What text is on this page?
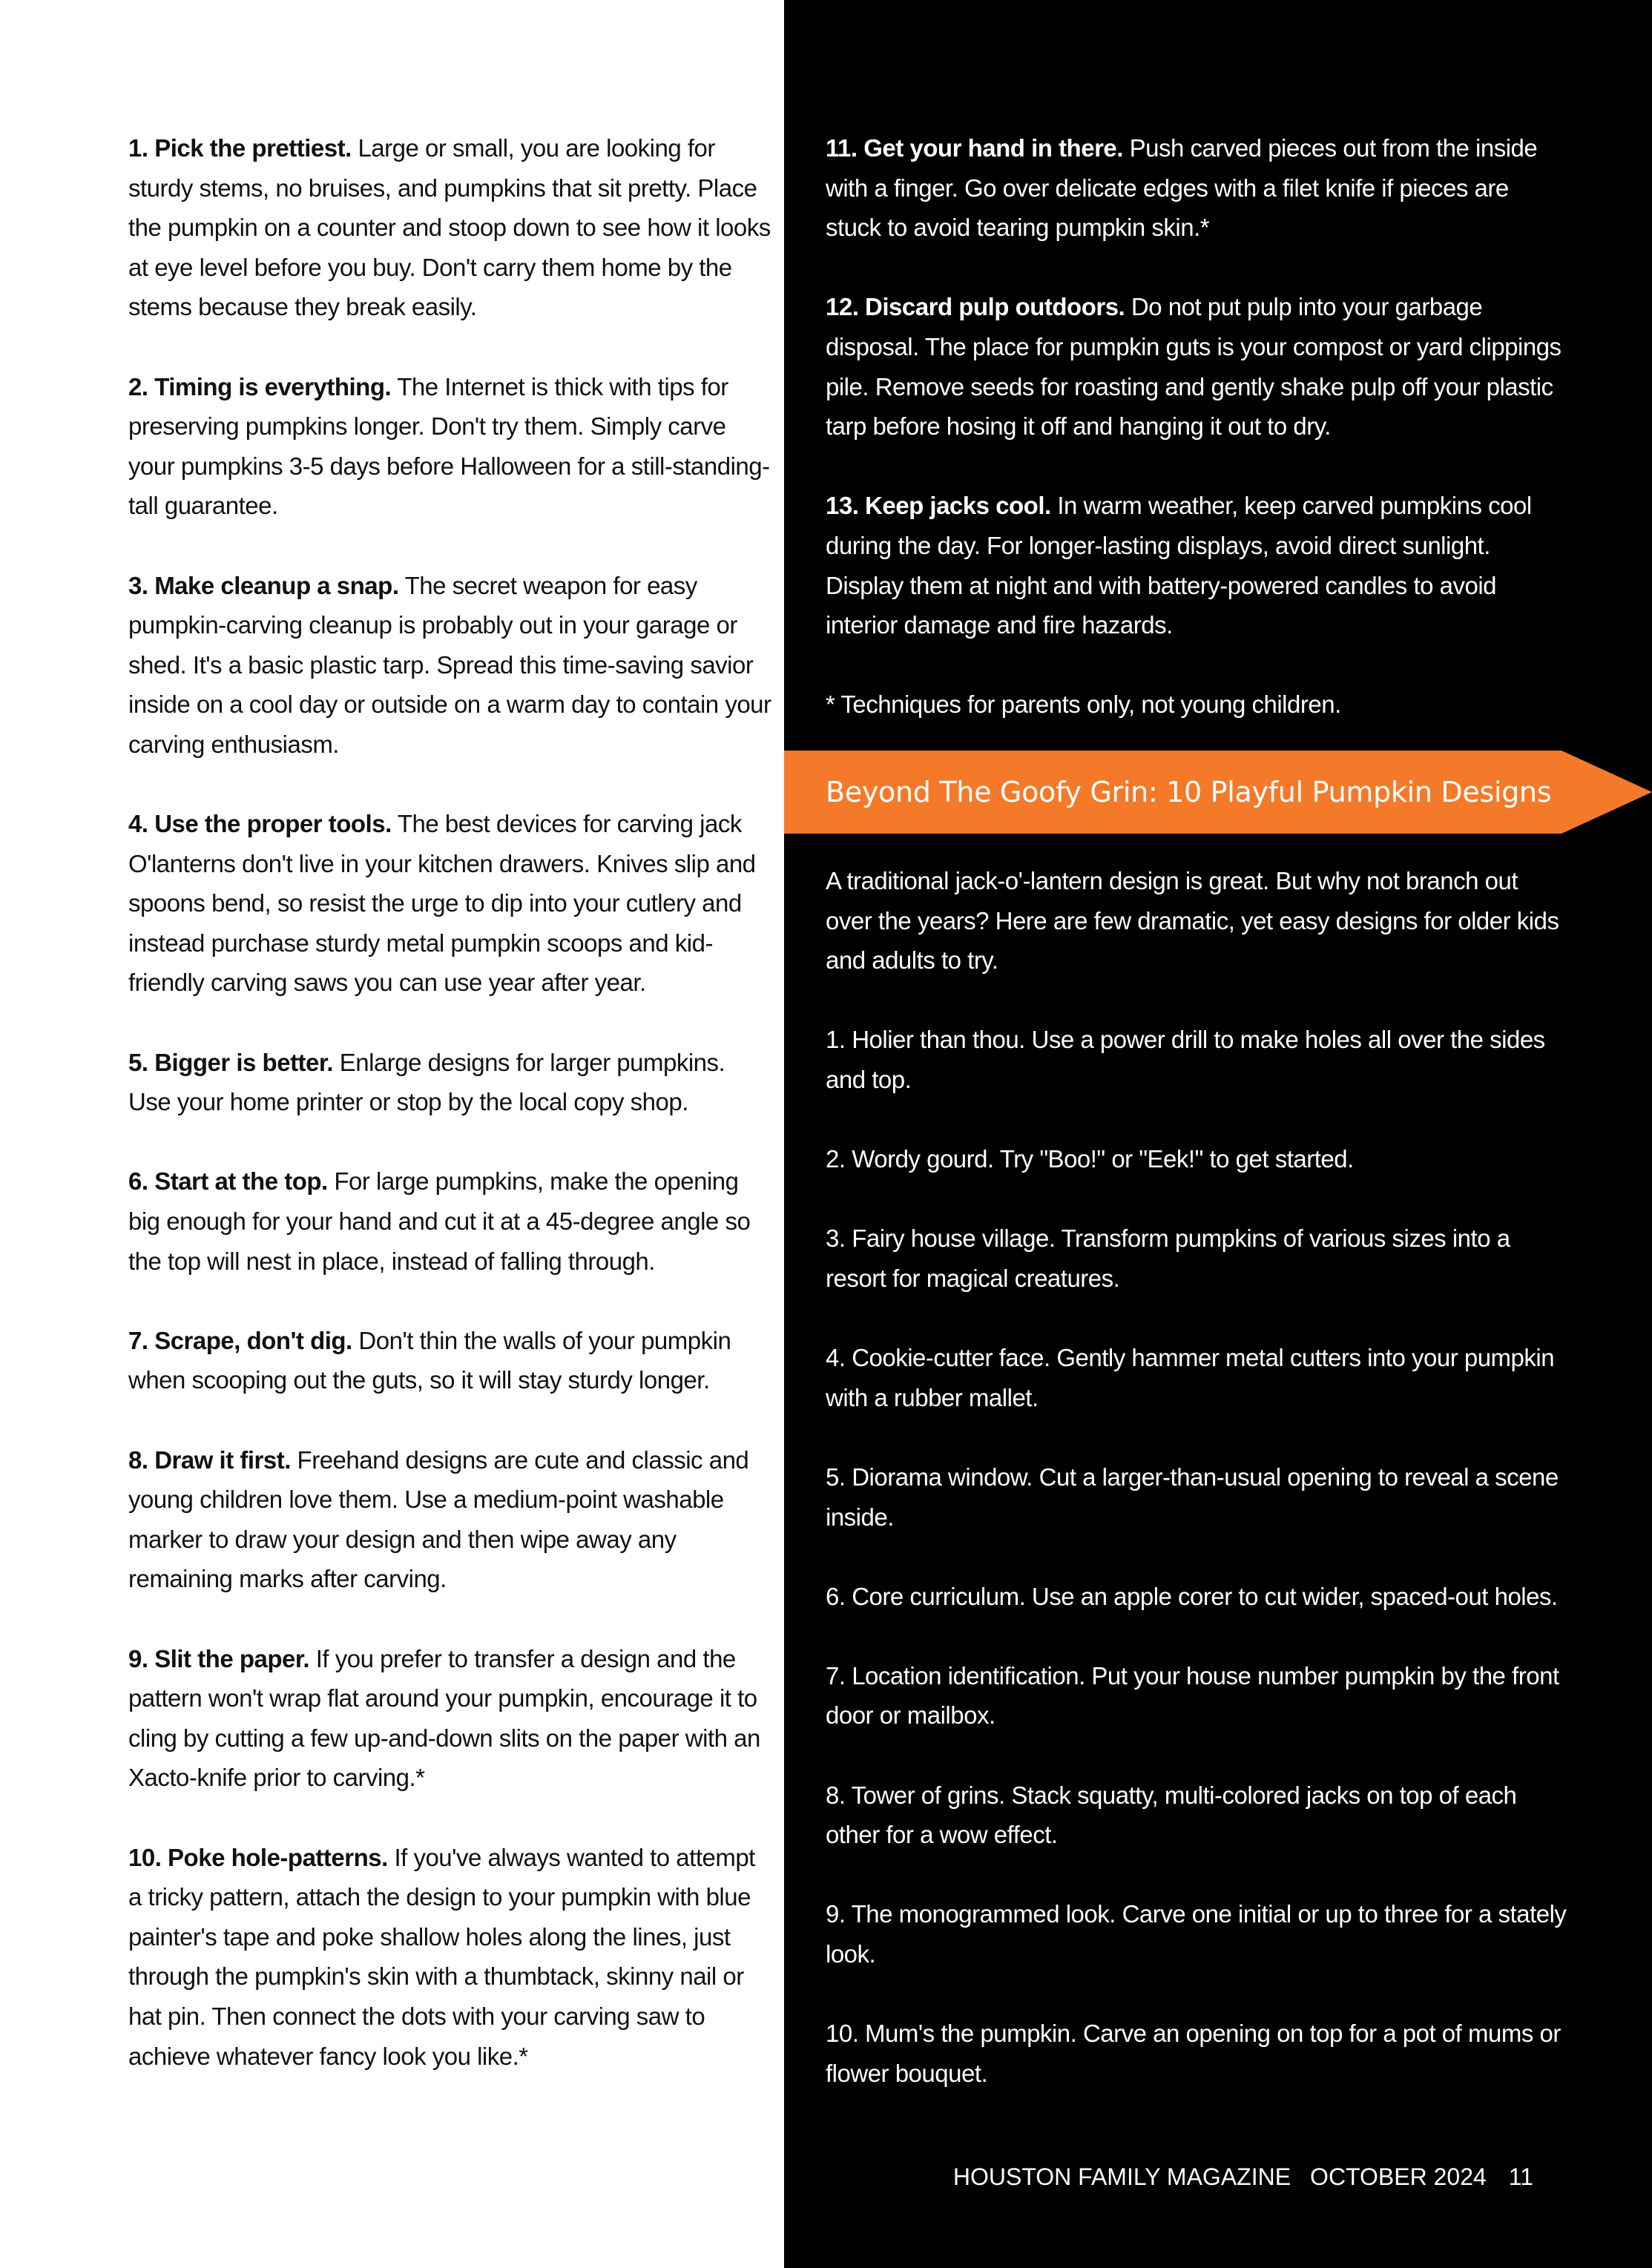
1. Pick the prettiest. Large or small, you are looking for sturdy stems, no bruises, and pumpkins that sit pretty. Place the pumpkin on a counter and stoop down to see how it looks at eye level before you buy. Don't carry them home by the stems because they break easily.

2. Timing is everything. The Internet is thick with tips for preserving pumpkins longer. Don't try them. Simply carve your pumpkins 3-5 days before Halloween for a still-standing-tall guarantee.

3. Make cleanup a snap. The secret weapon for easy pumpkin-carving cleanup is probably out in your garage or shed. It's a basic plastic tarp. Spread this time-saving savior inside on a cool day or outside on a warm day to contain your carving enthusiasm.

4. Use the proper tools. The best devices for carving jack O'lanterns don't live in your kitchen drawers. Knives slip and spoons bend, so resist the urge to dip into your cutlery and instead purchase sturdy metal pumpkin scoops and kid-friendly carving saws you can use year after year.

5. Bigger is better. Enlarge designs for larger pumpkins. Use your home printer or stop by the local copy shop.

6. Start at the top. For large pumpkins, make the opening big enough for your hand and cut it at a 45-degree angle so the top will nest in place, instead of falling through.

7. Scrape, don't dig. Don't thin the walls of your pumpkin when scooping out the guts, so it will stay sturdy longer.

8. Draw it first. Freehand designs are cute and classic and young children love them. Use a medium-point washable marker to draw your design and then wipe away any remaining marks after carving.

9. Slit the paper. If you prefer to transfer a design and the pattern won't wrap flat around your pumpkin, encourage it to cling by cutting a few up-and-down slits on the paper with an Xacto-knife prior to carving.*

10. Poke hole-patterns. If you've always wanted to attempt a tricky pattern, attach the design to your pumpkin with blue painter's tape and poke shallow holes along the lines, just through the pumpkin's skin with a thumbtack, skinny nail or hat pin. Then connect the dots with your carving saw to achieve whatever fancy look you like.*

11. Get your hand in there. Push carved pieces out from the inside with a finger. Go over delicate edges with a filet knife if pieces are stuck to avoid tearing pumpkin skin.*

12. Discard pulp outdoors. Do not put pulp into your garbage disposal. The place for pumpkin guts is your compost or yard clippings pile. Remove seeds for roasting and gently shake pulp off your plastic tarp before hosing it off and hanging it out to dry.

13. Keep jacks cool. In warm weather, keep carved pumpkins cool during the day. For longer-lasting displays, avoid direct sunlight. Display them at night and with battery-powered candles to avoid interior damage and fire hazards.

* Techniques for parents only, not young children.

Beyond The Goofy Grin: 10 Playful Pumpkin Designs

A traditional jack-o'-lantern design is great. But why not branch out over the years? Here are few dramatic, yet easy designs for older kids and adults to try.

1. Holier than thou. Use a power drill to make holes all over the sides and top.

2. Wordy gourd. Try "Boo!" or "Eek!" to get started.

3. Fairy house village. Transform pumpkins of various sizes into a resort for magical creatures.

4. Cookie-cutter face. Gently hammer metal cutters into your pumpkin with a rubber mallet.

5. Diorama window. Cut a larger-than-usual opening to reveal a scene inside.

6. Core curriculum. Use an apple corer to cut wider, spaced-out holes.

7. Location identification. Put your house number pumpkin by the front door or mailbox.

8. Tower of grins. Stack squatty, multi-colored jacks on top of each other for a wow effect.

9. The monogrammed look. Carve one initial or up to three for a stately look.

10. Mum's the pumpkin. Carve an opening on top for a pot of mums or flower bouquet.

HOUSTON FAMILY MAGAZINE OCTOBER 2024 11
